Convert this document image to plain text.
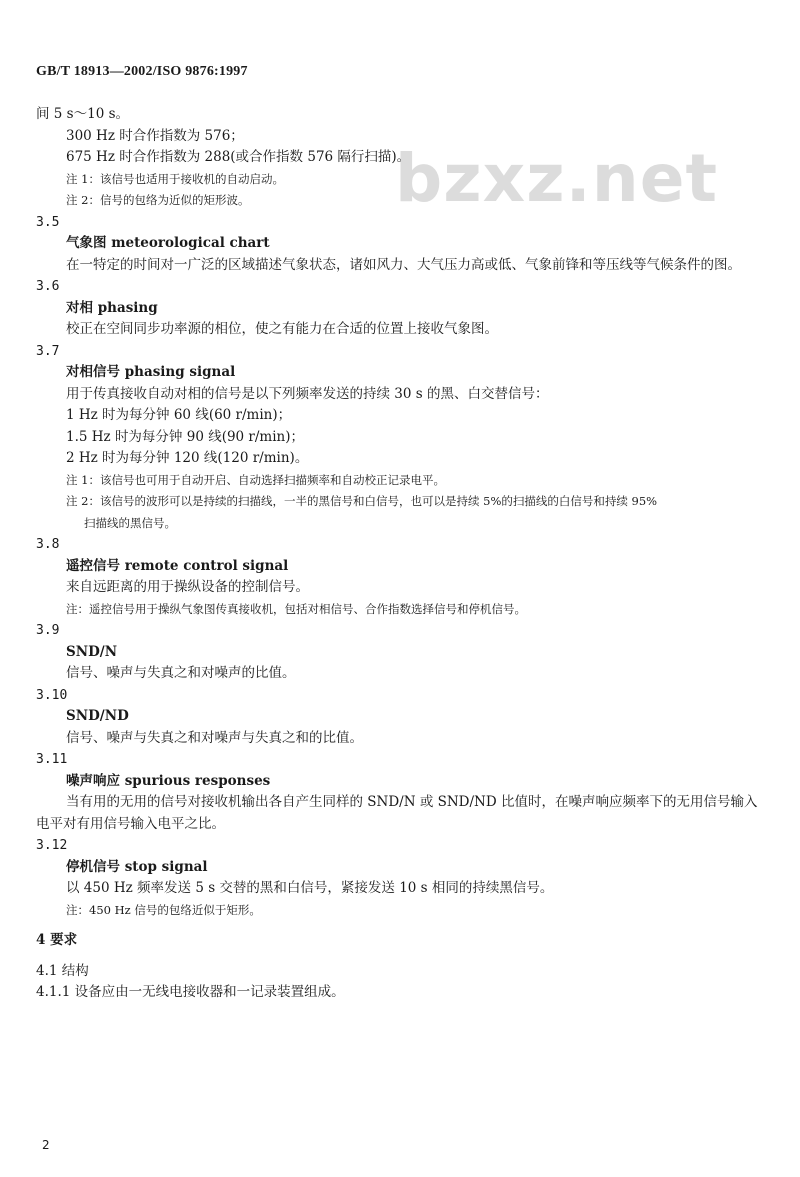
GB/T 18913—2002/ISO 9876:1997
bzxz.net
间 5 s～10 s。
300 Hz 时合作指数为 576；
675 Hz 时合作指数为 288(或合作指数 576 隔行扫描)。
注 1：该信号也适用于接收机的自动启动。
注 2：信号的包络为近似的矩形波。
3.5
气象图 meteorological chart
在一特定的时间对一广泛的区域描述气象状态，诸如风力、大气压力高或低、气象前锋和等压线等气候条件的图。
3.6
对相 phasing
校正在空间同步功率源的相位，使之有能力在合适的位置上接收气象图。
3.7
对相信号 phasing signal
用于传真接收自动对相的信号是以下列频率发送的持续 30 s 的黑、白交替信号：
1 Hz 时为每分钟 60 线(60 r/min)；
1.5 Hz 时为每分钟 90 线(90 r/min)；
2 Hz 时为每分钟 120 线(120 r/min)。
注 1：该信号也可用于自动开启、自动选择扫描频率和自动校正记录电平。
注 2：该信号的波形可以是持续的扫描线，一半的黑信号和白信号，也可以是持续 5%的扫描线的白信号和持续 95%
扫描线的黑信号。
3.8
遥控信号 remote control signal
来自远距离的用于操纵设备的控制信号。
注：遥控信号用于操纵气象图传真接收机，包括对相信号、合作指数选择信号和停机信号。
3.9
SND/N
信号、噪声与失真之和对噪声的比值。
3.10
SND/ND
信号、噪声与失真之和对噪声与失真之和的比值。
3.11
噪声响应 spurious responses
当有用的无用的信号对接收机输出各自产生同样的 SND/N 或 SND/ND 比值时，在噪声响应频率下的无用信号输入电平对有用信号输入电平之比。
3.12
停机信号 stop signal
以 450 Hz 频率发送 5 s 交替的黑和白信号，紧接发送 10 s 相同的持续黑信号。
注：450 Hz 信号的包络近似于矩形。
4 要求
4.1 结构
4.1.1 设备应由一无线电接收器和一记录装置组成。
2
